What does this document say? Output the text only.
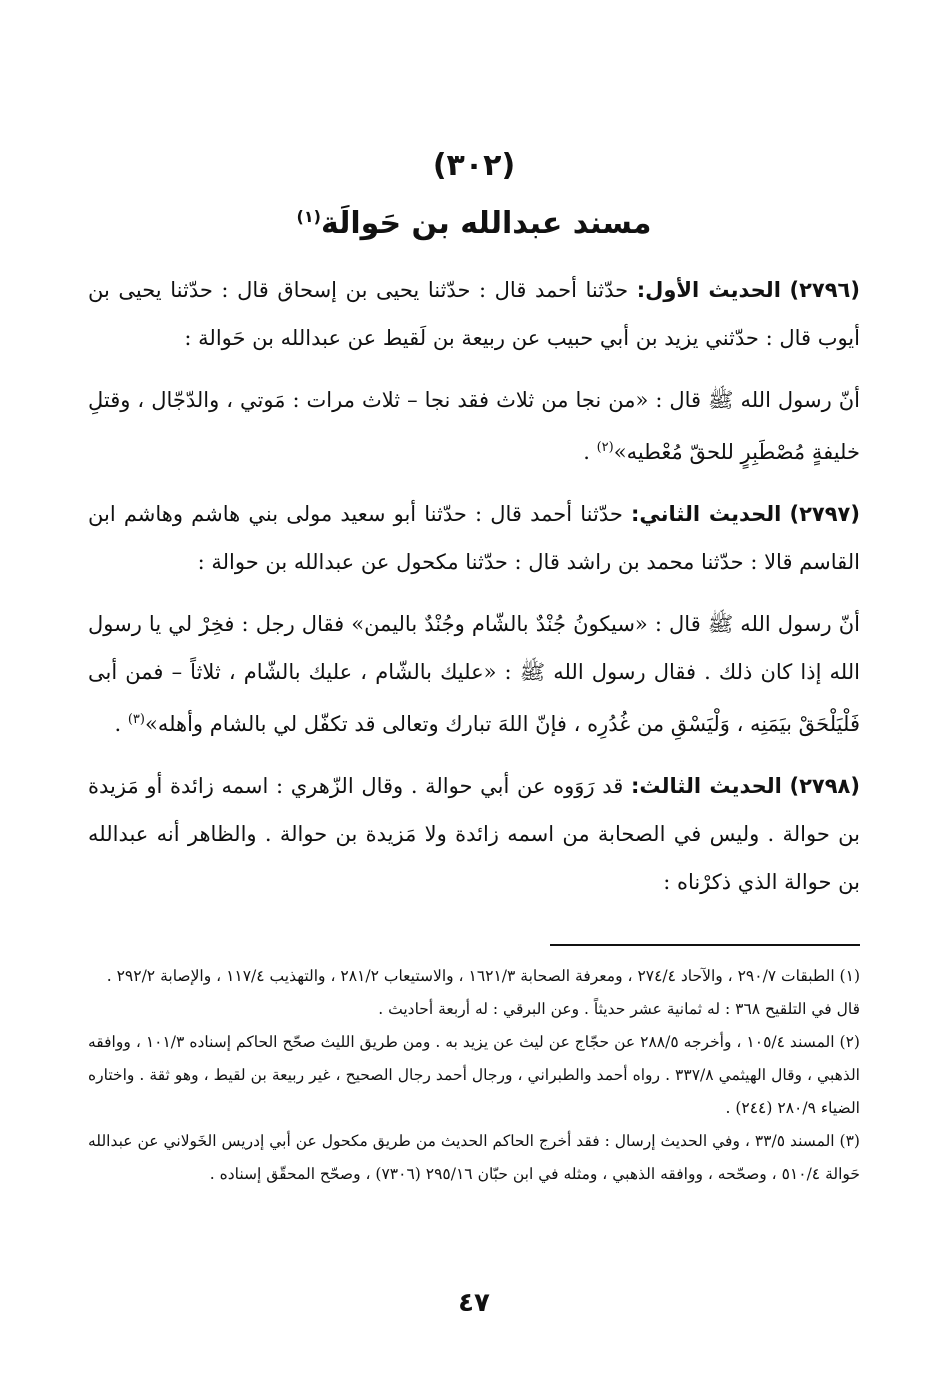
(٣٠٢)
مسند عبدالله بن حَوالَة$^{(١)}$

(٢٧٩٦) الحديث الأول: حدّثنا أحمد قال : حدّثنا يحيى بن إسحاق قال : حدّثنا يحيى بن أيوب قال : حدّثني يزيد بن أبي حبيب عن ربيعة بن لَقيط عن عبدالله بن حَوالة :

أنّ رسول الله ﷺ قال : «من نجا من ثلاث فقد نجا – ثلاث مرات : مَوتي ، والدّجّال ، وقتلِ خليفةٍ مُصْطَبِرٍ للحقّ مُعْطيه»$^{(٢)}$ .

(٢٧٩٧) الحديث الثاني: حدّثنا أحمد قال : حدّثنا أبو سعيد مولى بني هاشم وهاشم ابن القاسم قالا : حدّثنا محمد بن راشد قال : حدّثنا مكحول عن عبدالله بن حوالة :

أنّ رسول الله ﷺ قال : «سيكونُ جُنْدٌ بالشّام وجُنْدٌ باليمن» فقال رجل : فخِرْ لي يا رسول الله إذا كان ذلك . فقال رسول الله ﷺ : «عليك بالشّام ، عليك بالشّام ، ثلاثاً – فمن أبى فَلْيَلْحَقْ بيَمَنِه ، وَلْيَسْقِ من غُدُرِه ، فإنّ اللهَ تبارك وتعالى قد تكفّل لي بالشام وأهله»$^{(٣)}$ .

(٢٧٩٨) الحديث الثالث: قد رَوَوه عن أبي حوالة . وقال الزّهري : اسمه زائدة أو مَزيدة بن حوالة . وليس في الصحابة من اسمه زائدة ولا مَزيدة بن حوالة . والظاهر أنه عبدالله بن حوالة الذي ذكرْناه :

(١) الطبقات ٢٩٠/٧ ، والآحاد ٢٧٤/٤ ، ومعرفة الصحابة ١٦٢١/٣ ، والاستيعاب ٢٨١/٢ ، والتهذيب ١١٧/٤ ، والإصابة ٢٩٢/٢ .

قال في التلقيح ٣٦٨ : له ثمانية عشر حديثاً . وعن البرقي : له أربعة أحاديث .

(٢) المسند ١٠٥/٤ ، وأخرجه ٢٨٨/٥ عن حجّاج عن ليث عن يزيد به . ومن طريق الليث صحّح الحاكم إسناده ١٠١/٣ ، ووافقه الذهبي ، وقال الهيثمي ٣٣٧/٨ . رواه أحمد والطبراني ، ورجال أحمد رجال الصحيح ، غير ربيعة بن لقيط ، وهو ثقة . واختاره الضياء ٢٨٠/٩ (٢٤٤) .

(٣) المسند ٣٣/٥ ، وفي الحديث إرسال : فقد أخرج الحاكم الحديث من طريق مكحول عن أبي إدريس الخَولاني عن عبدالله حَوالة ٥١٠/٤ ، وصحّحه ، ووافقه الذهبي ، ومثله في ابن حبّان ٢٩٥/١٦ (٧٣٠٦) ، وصحّح المحقّق إسناده .

٤٧
